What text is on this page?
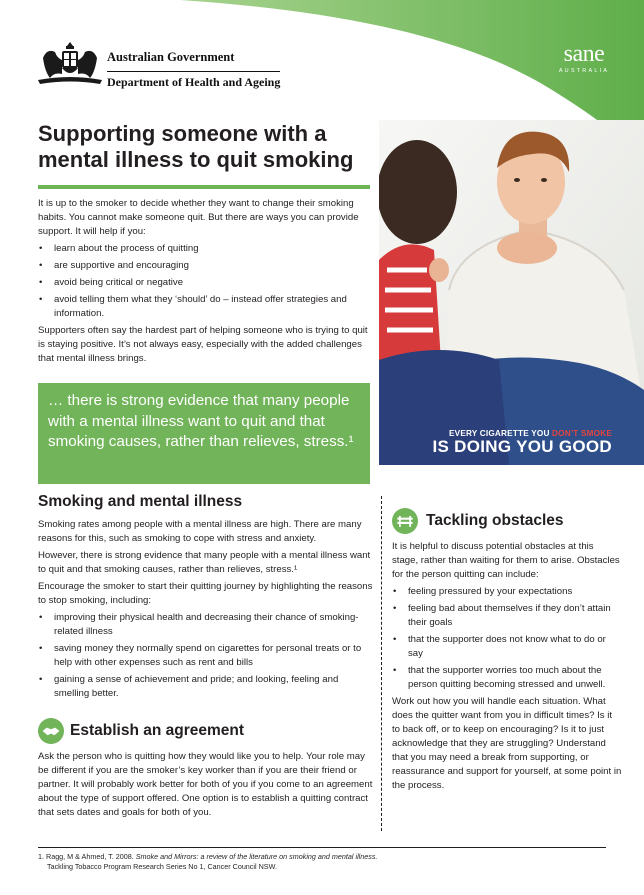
Australian Government
Department of Health and Ageing
sane
AUSTRALIA
Supporting someone with a mental illness to quit smoking

It is up to the smoker to decide whether they want to change their smoking habits. You cannot make someone quit. But there are ways you can provide support. It will help if you:

• learn about the process of quitting
• are supportive and encouraging
• avoid being critical or negative
• avoid telling them what they ‘should’ do – instead offer strategies and information.

Supporters often say the hardest part of helping someone who is trying to quit is staying positive. It’s not always easy, especially with the added challenges that mental illness brings.

… there is strong evidence that many people with a mental illness want to quit and that smoking causes, rather than relieves, stress.¹	EVERY CIGARETTE YOU DON’T SMOKE
IS DOING YOU GOOD
Smoking and mental illness

Smoking rates among people with a mental illness are high. There are many reasons for this, such as smoking to cope with stress and anxiety.

However, there is strong evidence that many people with a mental illness want to quit and that smoking causes, rather than relieves, stress.¹

Encourage the smoker to start their quitting journey by highlighting the reasons to stop smoking, including:

• improving their physical health and decreasing their chance of smoking-related illness
• saving money they normally spend on cigarettes for personal treats or to help with other expenses such as rent and bills
• gaining a sense of achievement and pride; and looking, feeling and smelling better.
Establish an agreement

Ask the person who is quitting how they would like you to help. Your role may be different if you are the smoker’s key worker than if you are their friend or partner. It will probably work better for both of you if you come to an agreement about the type of support offered. One option is to establish a quitting contract that sets dates and goals for both of you.

Tackling obstacles

It is helpful to discuss potential obstacles at this stage, rather than waiting for them to arise. Obstacles for the person quitting can include:

• feeling pressured by your expectations
• feeling bad about themselves if they don’t attain their goals
• that the supporter does not know what to do or say
• that the supporter worries too much about the person quitting becoming stressed and unwell.

Work out how you will handle each situation. What does the quitter want from you in difficult times? Is it to back off, or to keep on encouraging? Is it to just acknowledge that they are struggling? Understand that you may need a break from supporting, or reassurance and support for yourself, at some point in the process.

1. Ragg, M & Ahmed, T. 2008. Smoke and Mirrors: a review of the literature on smoking and mental illness.
Tackling Tobacco Program Research Series No 1, Cancer Council NSW.
